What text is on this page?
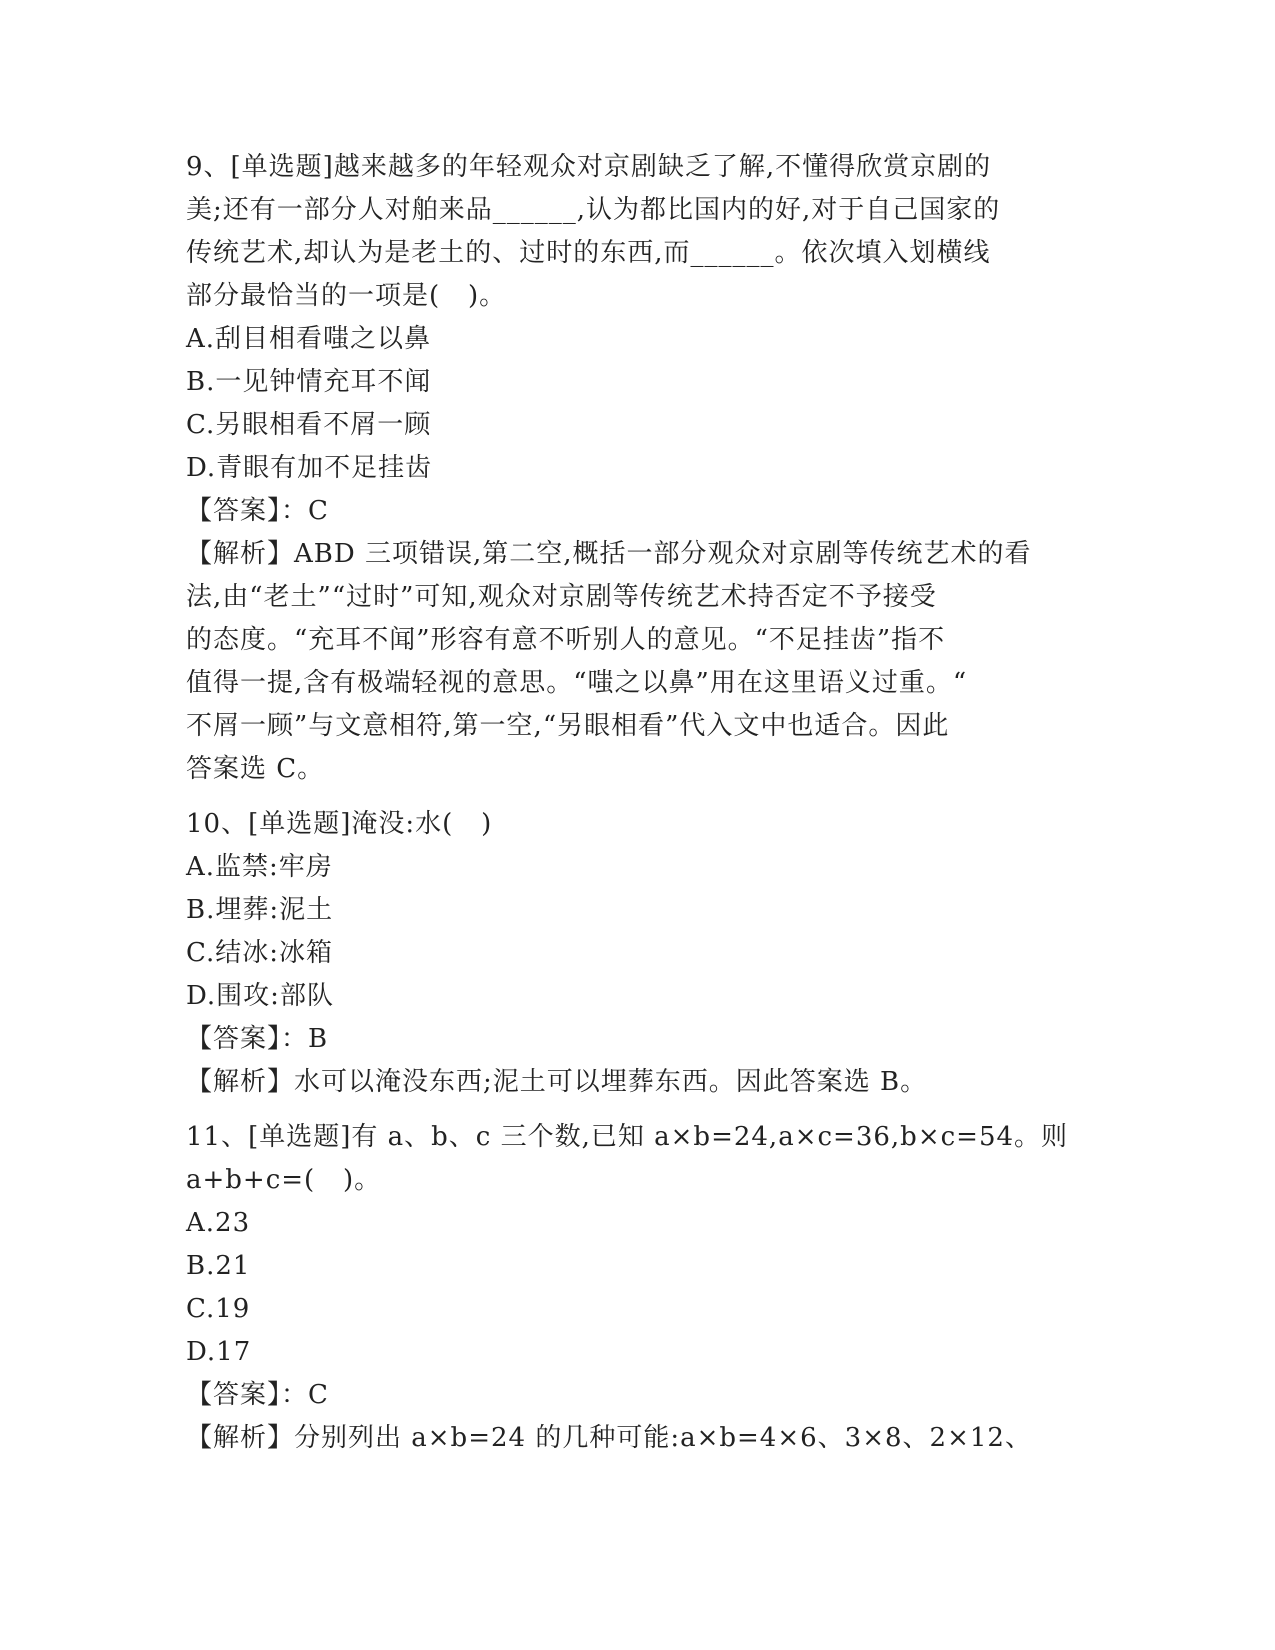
9、[单选题]越来越多的年轻观众对京剧缺乏了解,不懂得欣赏京剧的
美;还有一部分人对舶来品______,认为都比国内的好,对于自己国家的
传统艺术,却认为是老土的、过时的东西,而______。依次填入划横线
部分最恰当的一项是(   )。
A.刮目相看嗤之以鼻
B.一见钟情充耳不闻
C.另眼相看不屑一顾
D.青眼有加不足挂齿
【答案】：C
【解析】ABD 三项错误,第二空,概括一部分观众对京剧等传统艺术的看
法,由“老土”“过时”可知,观众对京剧等传统艺术持否定不予接受
的态度。“充耳不闻”形容有意不听别人的意见。“不足挂齿”指不
值得一提,含有极端轻视的意思。“嗤之以鼻”用在这里语义过重。“
不屑一顾”与文意相符,第一空,“另眼相看”代入文中也适合。因此
答案选 C。
10、[单选题]淹没:水(   )
A.监禁:牢房
B.埋葬:泥土
C.结冰:冰箱
D.围攻:部队
【答案】：B
【解析】水可以淹没东西;泥土可以埋葬东西。因此答案选 B。
11、[单选题]有 a、b、c 三个数,已知 a×b=24,a×c=36,b×c=54。则
a+b+c=(   )。
A.23
B.21
C.19
D.17
【答案】：C
【解析】分别列出 a×b=24 的几种可能:a×b=4×6、3×8、2×12、
